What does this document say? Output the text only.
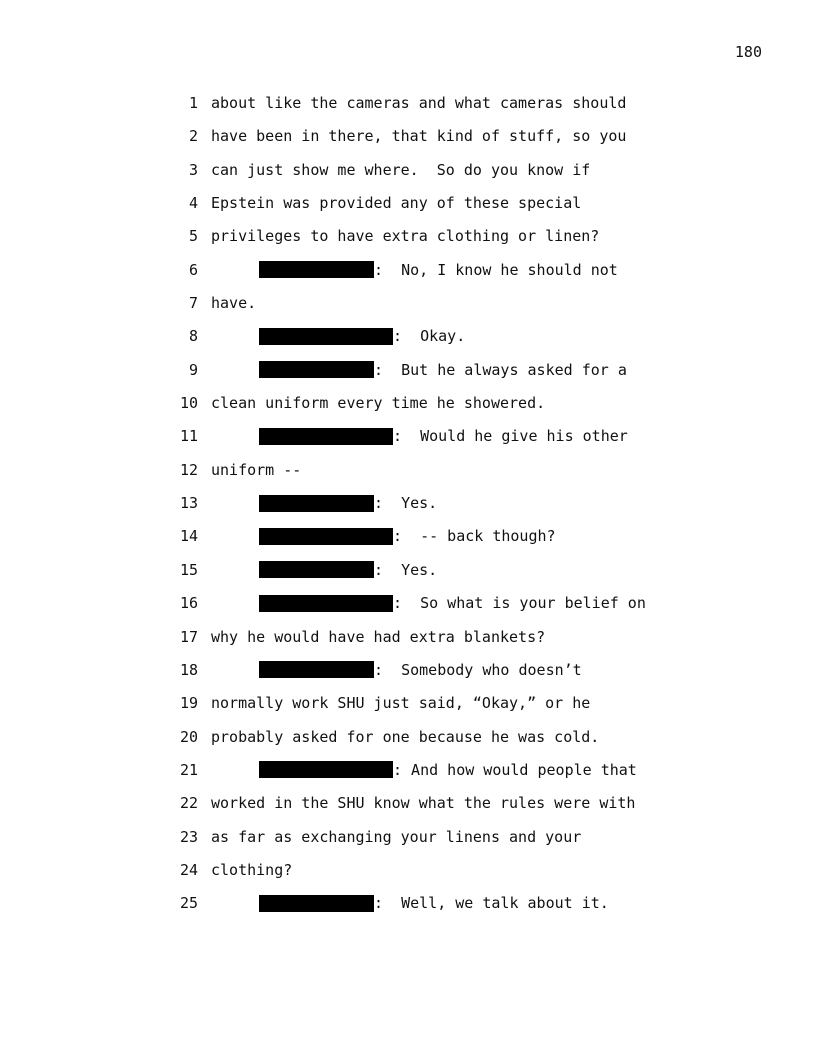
180
1 about like the cameras and what cameras should
2 have been in there, that kind of stuff, so you
3 can just show me where.  So do you know if
4 Epstein was provided any of these special
5 privileges to have extra clothing or linen?
6	:  No, I know he should not
7 have.
8	:  Okay.
9	:  But he always asked for a
10 clean uniform every time he showered.
11	:  Would he give his other
12 uniform --
13	:  Yes.
14	:  -- back though?
15	:  Yes.
16	:  So what is your belief on
17 why he would have had extra blankets?
18	:  Somebody who doesn’t
19 normally work SHU just said, “Okay,” or he
20 probably asked for one because he was cold.
21	: And how would people that
22 worked in the SHU know what the rules were with
23 as far as exchanging your linens and your
24 clothing?
25	:  Well, we talk about it.
